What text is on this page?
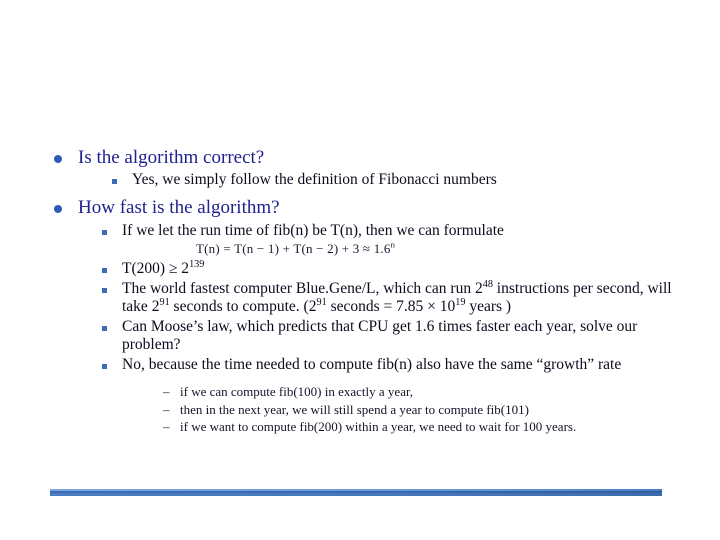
Is the algorithm correct?
Yes, we simply follow the definition of Fibonacci numbers
How fast is the algorithm?
If we let the run time of fib(n) be T(n), then we can formulate
$T(n) = T(n - 1) + T(n - 2) + 3 \approx 1.6^n$
$T(200) \ge 2^{139}$
The world fastest computer Blue.Gene/L, which can run $2^{48}$ instructions per second, will take $2^{91}$ seconds to compute. ($2^{91}$ seconds = $7.85 \times 10^{19}$ years )
Can Moose’s law, which predicts that CPU get 1.6 times faster each year, solve our problem?
No, because the time needed to compute fib(n) also have the same “growth” rate
– if we can compute fib(100) in exactly a year,
– then in the next year, we will still spend a year to compute fib(101)
– if we want to compute fib(200) within a year, we need to wait for 100 years.
